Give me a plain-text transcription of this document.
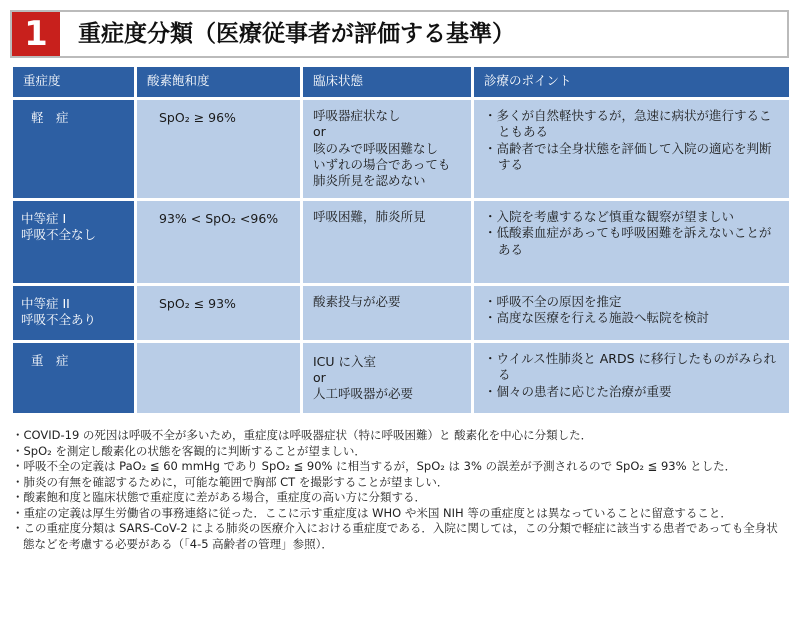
1	重症度分類（医療従事者が評価する基準）
重症度	酸素飽和度	臨床状態	診療のポイント
軽　症	SpO₂ ≥ 96%	呼吸器症状なし
or
咳のみで呼吸困難なし
いずれの場合であっても肺炎所見を認めない	・ 多くが自然軽快するが，急速に病状が進行することもある
・ 高齢者では全身状態を評価して入院の適応を判断する

中等症 I
呼吸不全なし	93% < SpO₂ <96%	呼吸困難，肺炎所見	・ 入院を考慮するなど慎重な観察が望ましい
・ 低酸素血症があっても呼吸困難を訴えないことがある

中等症 II
呼吸不全あり	SpO₂ ≤ 93%	酸素投与が必要	・ 呼吸不全の原因を推定
・ 高度な医療を行える施設へ転院を検討

重　症		ICU に入室
or
人工呼吸器が必要	・ ウイルス性肺炎と ARDS に移行したものがみられる
・ 個々の患者に応じた治療が重要
・ COVID-19 の死因は呼吸不全が多いため，重症度は呼吸器症状（特に呼吸困難）と 酸素化を中心に分類した．
・ SpO₂ を測定し酸素化の状態を客観的に判断することが望ましい．
・ 呼吸不全の定義は PaO₂ ≦ 60 mmHg であり SpO₂ ≦ 90% に相当するが，SpO₂ は 3% の誤差が予測されるので SpO₂ ≦ 93% とした．
・ 肺炎の有無を確認するために，可能な範囲で胸部 CT を撮影することが望ましい．
・ 酸素飽和度と臨床状態で重症度に差がある場合，重症度の高い方に分類する．
・ 重症の定義は厚生労働省の事務連絡に従った．ここに示す重症度は WHO や米国 NIH 等の重症度とは異なっていることに留意すること．
・ この重症度分類は SARS-CoV-2 による肺炎の医療介入における重症度である．入院に関しては，この分類で軽症に該当する患者であっても全身状態などを考慮する必要がある（「4-5 高齢者の管理」参照）．
